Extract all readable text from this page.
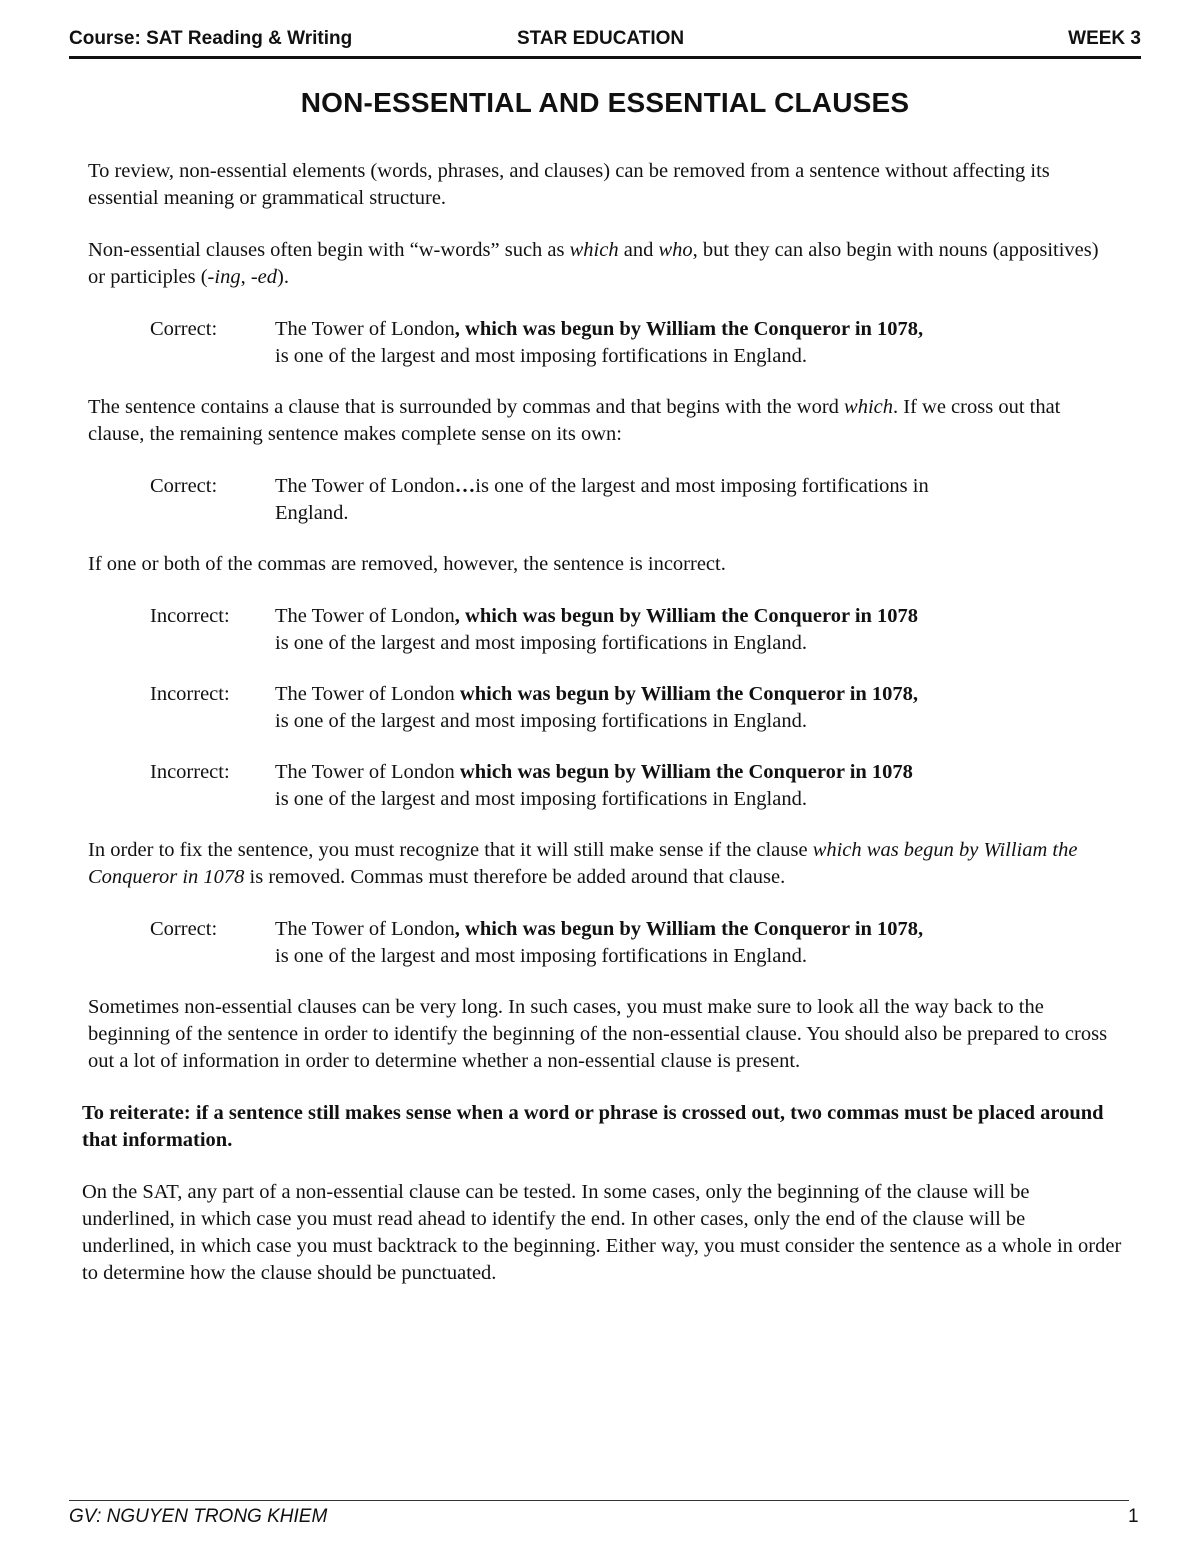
Course: SAT Reading & Writing	STAR EDUCATION	WEEK 3
NON-ESSENTIAL AND ESSENTIAL CLAUSES

To review, non-essential elements (words, phrases, and clauses) can be removed from a sentence without affecting its essential meaning or grammatical structure.

Non-essential clauses often begin with “w-words” such as which and who, but they can also begin with nouns (appositives) or participles (-ing, -ed).

Correct:	The Tower of London, which was begun by William the Conqueror in 1078,
is one of the largest and most imposing fortifications in England.

The sentence contains a clause that is surrounded by commas and that begins with the word which. If we cross out that clause, the remaining sentence makes complete sense on its own:

Correct:	The Tower of London…is one of the largest and most imposing fortifications in
England.

If one or both of the commas are removed, however, the sentence is incorrect.

Incorrect:	The Tower of London, which was begun by William the Conqueror in 1078
is one of the largest and most imposing fortifications in England.
Incorrect:	The Tower of London which was begun by William the Conqueror in 1078,
is one of the largest and most imposing fortifications in England.
Incorrect:	The Tower of London which was begun by William the Conqueror in 1078
is one of the largest and most imposing fortifications in England.

In order to fix the sentence, you must recognize that it will still make sense if the clause which was begun by William the Conqueror in 1078 is removed. Commas must therefore be added around that clause.

Correct:	The Tower of London, which was begun by William the Conqueror in 1078,
is one of the largest and most imposing fortifications in England.

Sometimes non-essential clauses can be very long. In such cases, you must make sure to look all the way back to the beginning of the sentence in order to identify the beginning of the non-essential clause. You should also be prepared to cross out a lot of information in order to determine whether a non-essential clause is present.

To reiterate: if a sentence still makes sense when a word or phrase is crossed out, two commas must be placed around that information.

On the SAT, any part of a non-essential clause can be tested. In some cases, only the beginning of the clause will be underlined, in which case you must read ahead to identify the end. In other cases, only the end of the clause will be underlined, in which case you must backtrack to the beginning. Either way, you must consider the sentence as a whole in order to determine how the clause should be punctuated.

GV: NGUYEN TRONG KHIEM	1
